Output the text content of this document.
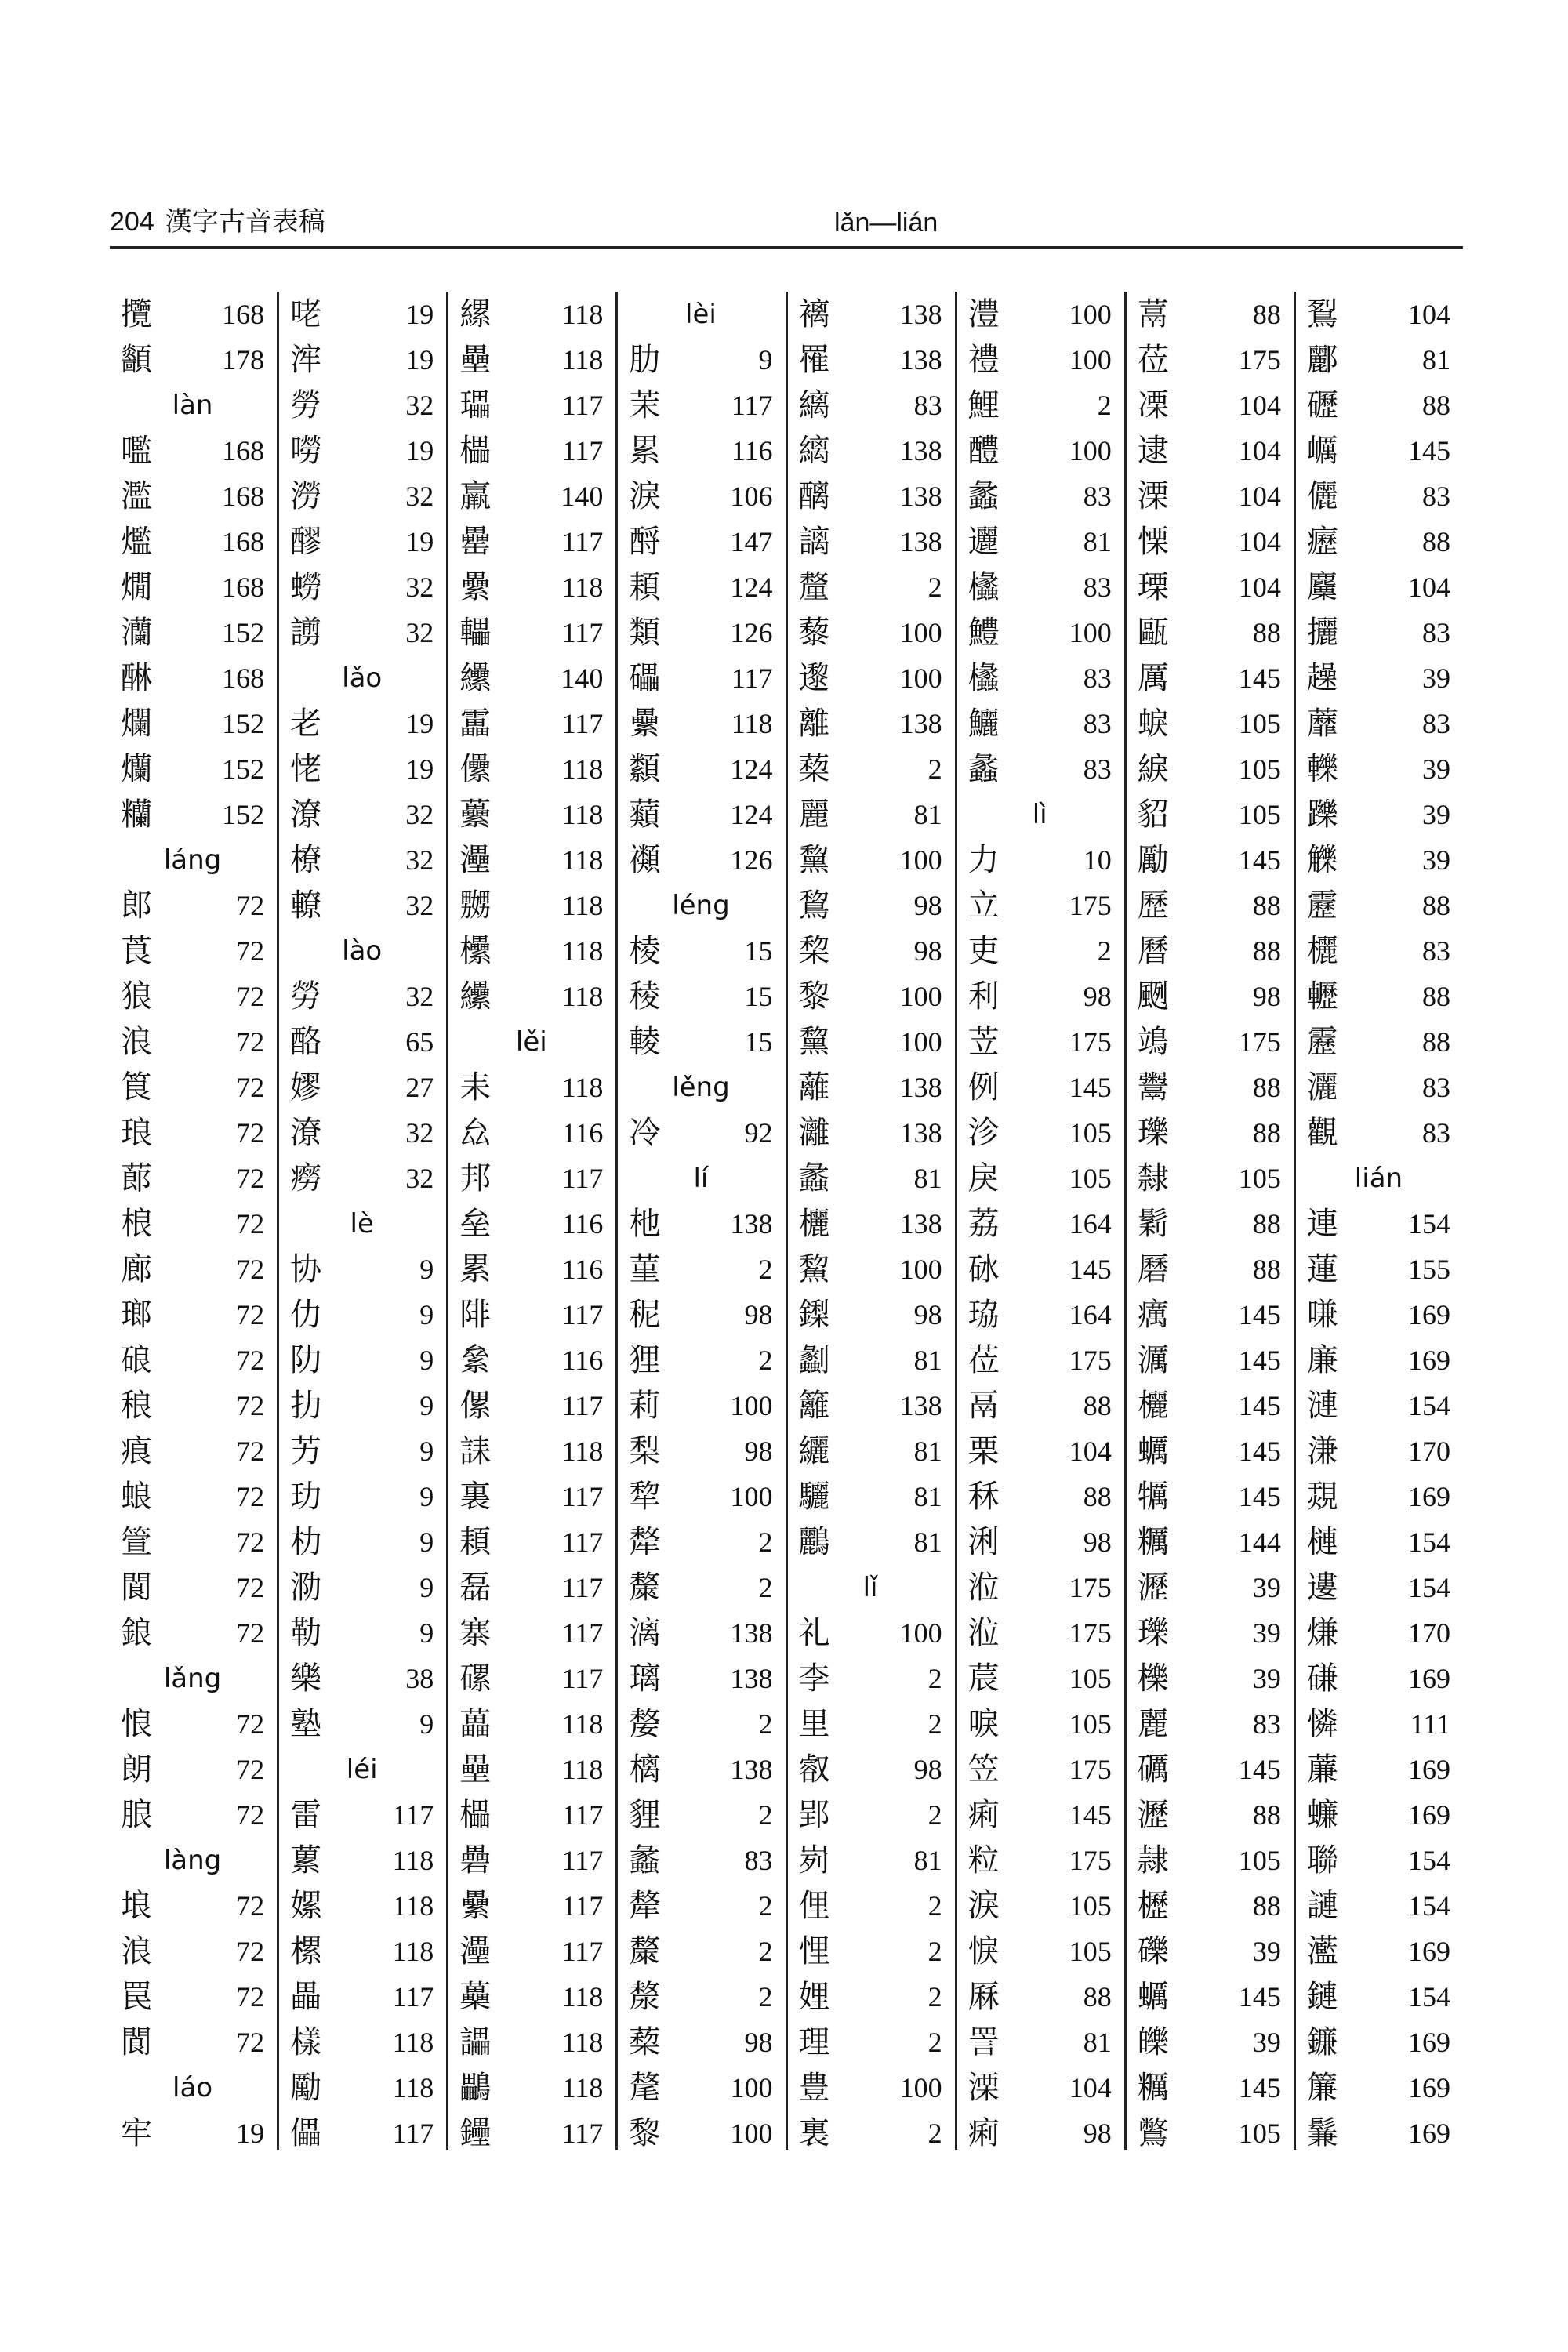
204 漢字古音表稿	lǎn—lián
攬 168
顲 178
làn
嚂 168
濫 168
爁 168
燗 168
灡 152
醂 168
爛 152
爤 152
糷 152
láng
郎	72
莨	72
狼	72
浪	72
筤	72
琅	72
蓈	72
桹	72
廊	72
瑯	72
硠	72
稂	72
㾗	72
蜋	72
箮	72
閬	72
鋃	72
lǎng
悢	72
朗	72
朖	72
làng
埌	72
浪	72
罠	72
閬	72
láo
牢	19
咾	19
浶	19
勞	32
嘮	19
澇	32
醪	19
蟧	32
謭	32
lǎo
老	19
恅	19
潦	32
橑	32
轑	32
lào
勞	32
酪	65
嫪	27
潦	32
癆	32
lè
协	9
仂	9
阞	9
扐	9
艻	9
玏	9
朸	9
泐	9
勒	9
樂	38
塾	9
léi
雷	117
蔂	118
嫘	118
樏	118
畾	117
樣	118
勵	118
儡	117
縲	118
壘	118
瓃	117
櫑	117
羸 140
罍	117
纍	118
轠	117
纝 140
靁	117
儽	118
虆	118
灅	118
嬲	118
欙	118
纝	118
lěi
耒	118
厽	116
邦	117
垒	116
累	116
陫	117
絫	116
傫	117
誄	118
裏	117
頛	117
磊	117
寨	117
磥	117
藟	118
壘	118
櫑	117
礨	117
纍	117
灅	117
蘽	118
讄	118
鸓	118
鑸	117
lèi
肋	9
茉	117
累	116
淚 106
酹 147
頛 124
類 126
礧	117
纍	118
纇 124
蘱 124
禷 126
léng
棱	15
稜	15
輘	15
lěng
冷	92
lí
杝 138
菫	2
秜	98
狸	2
莉 100
梨	98
犂 100
犛	2
斄	2
漓 138
璃 138
嫠	2
樆 138
貍	2
蠡	83
犛	2
斄	2
漦	2
蔾	98
氂 100
黎 100
褵 138
罹 138
縭	83
縭 138
醨 138
謧 138
釐	2
藜 100
邌 100
離 138
蔾	2
麗	81
黧 100
鵹	98
棃	98
黎 100
黧 100
蘺 138
灕 138
蠡	81
欐 138
鯬 100
鏫	98
劙	81
籬 138
纚	81
驪	81
鸝	81
lǐ
礼 100
李	2
里	2
㕡	98
郢	2
峛	81
俚	2
悝	2
娌	2
理	2
豊 100
裏	2
澧 100
禮 100
鯉	2
醴 100
蠡	83
邐	81
欚	83
鱧 100
欚	83
鱺	83
蠡	83
lì
力	10
立 175
吏	2
利	98
苙 175
例 145
沴 105
戾 105
荔 164
砅 145
珕 164
莅 175
鬲	88
栗 104
秝	88
浰	98
涖 175
涖 175
莀 105
唳 105
笠 175
痢 145
粒 175
淚 105
悷 105
厤	88
詈	81
溧 104
痢	98
蒚	88
莅 175
凓 104
逮 104
溧 104
慄 104
瑮 104
甌	88
厲 145
蜧 105
綟 105
貂 105
勵 145
歷	88
曆	88
颲	98
鴗 175
鬻	88
瓅	88
隸 105
鬁	88
磿	88
癘 145
濿 145
欐 145
蠣 145
犡 145
糲 144
瀝	39
瓅	39
櫟	39
麗	83
礪 145
瀝	88
隷 105
櫪	88
礫	39
蠣 145
皪	39
糲 145
鷩 105
鴷 104
酈	81
礰	88
巁 145
儷	83
癧	88
麜 104
攦	83
趮	39
蘼	83
轢	39
躒	39
觻	39
靂	88
欐	83
轣	88
靂	88
灑	83
觀	83
lián
連 154
蓮 155
嗛 169
廉 169
漣 154
溓 170
覝 169
槤 154
遱 154
熑 170
磏 169
憐	111
薕 169
蠊 169
聯 154
謰 154
灆 169
鏈 154
鐮 169
簾 169
鬑 169
